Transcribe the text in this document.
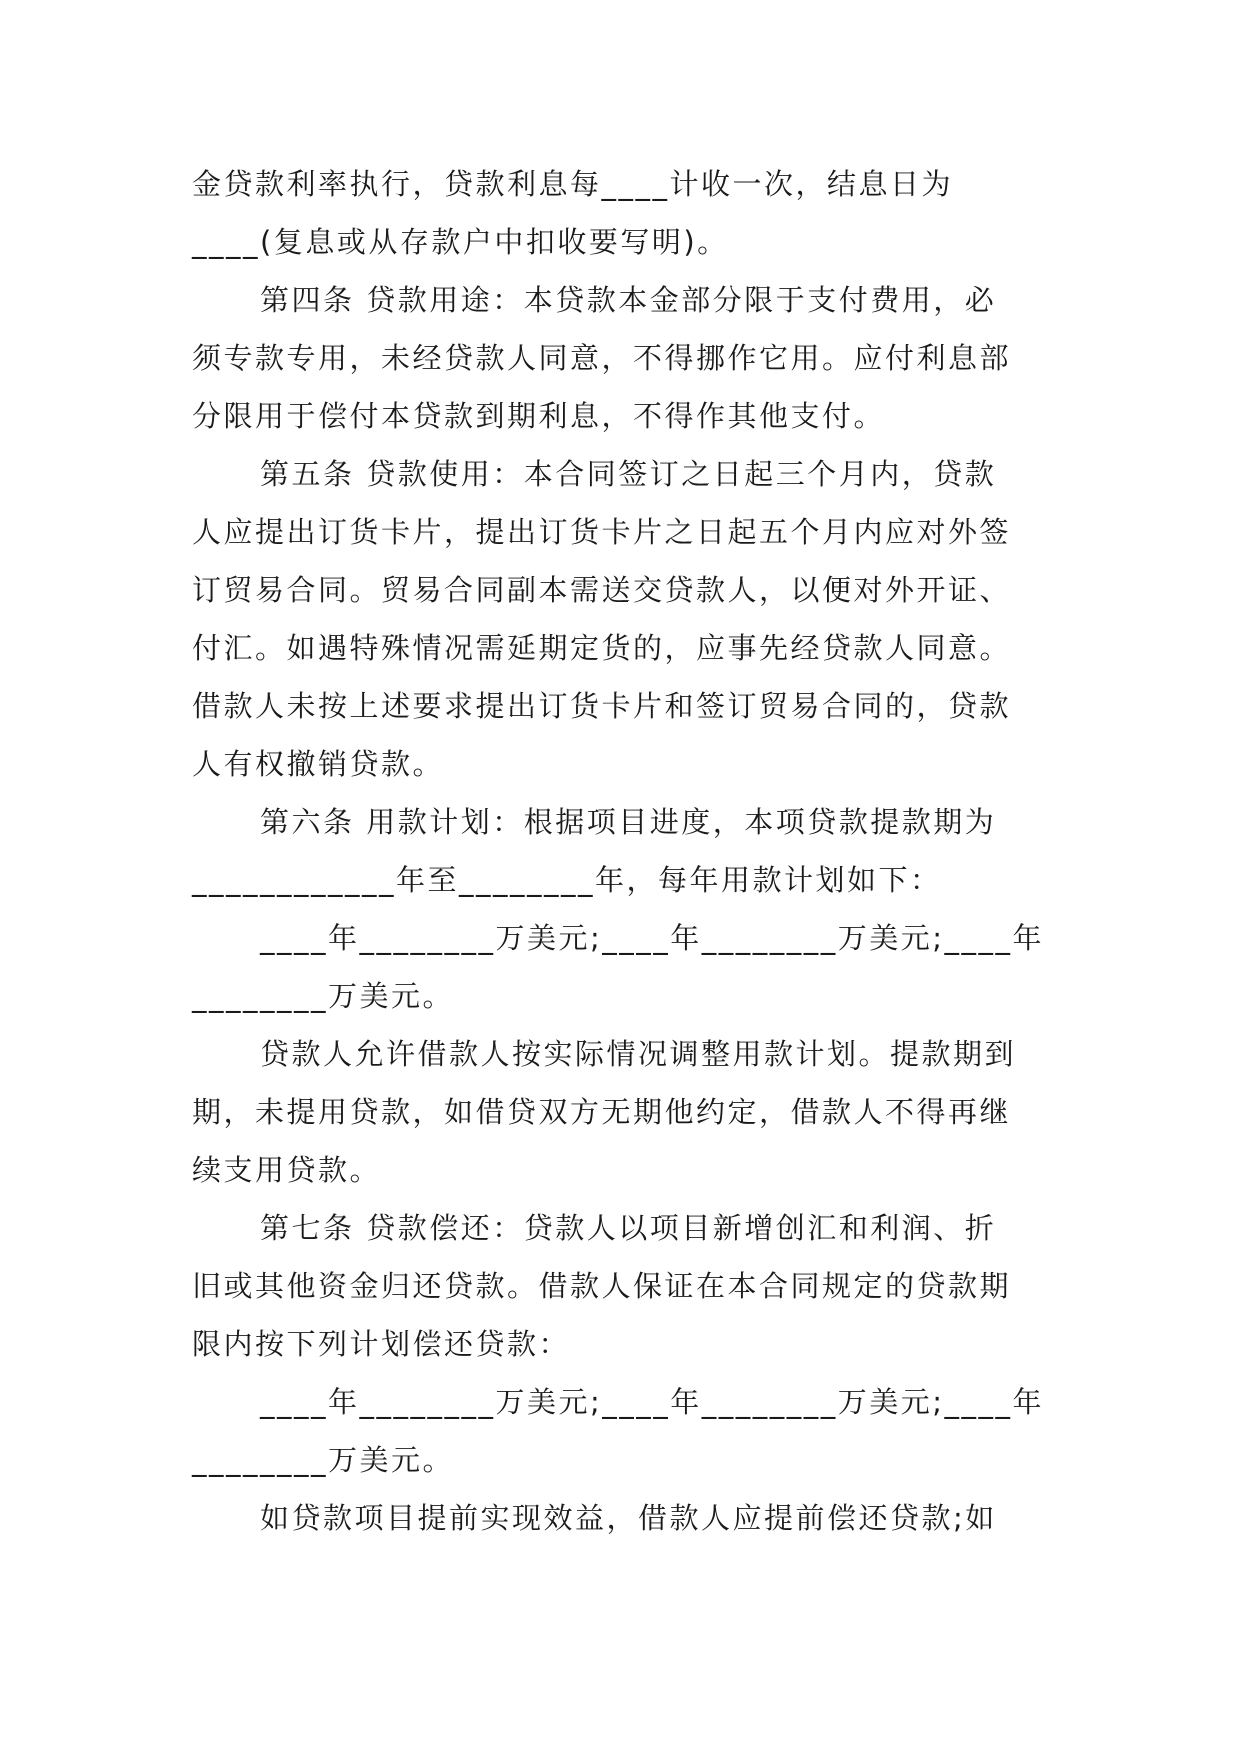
金贷款利率执行，贷款利息每____计收一次，结息日为
____(复息或从存款户中扣收要写明)。
第四条 贷款用途：本贷款本金部分限于支付费用，必
须专款专用，未经贷款人同意，不得挪作它用。应付利息部
分限用于偿付本贷款到期利息，不得作其他支付。
第五条 贷款使用：本合同签订之日起三个月内，贷款
人应提出订货卡片，提出订货卡片之日起五个月内应对外签
订贸易合同。贸易合同副本需送交贷款人，以便对外开证、
付汇。如遇特殊情况需延期定货的，应事先经贷款人同意。
借款人未按上述要求提出订货卡片和签订贸易合同的，贷款
人有权撤销贷款。
第六条 用款计划：根据项目进度，本项贷款提款期为
____________年至________年，每年用款计划如下：
____年________万美元;____年________万美元;____年
________万美元。
贷款人允许借款人按实际情况调整用款计划。提款期到
期，未提用贷款，如借贷双方无期他约定，借款人不得再继
续支用贷款。
第七条 贷款偿还：贷款人以项目新增创汇和利润、折
旧或其他资金归还贷款。借款人保证在本合同规定的贷款期
限内按下列计划偿还贷款：
____年________万美元;____年________万美元;____年
________万美元。
如贷款项目提前实现效益，借款人应提前偿还贷款;如
